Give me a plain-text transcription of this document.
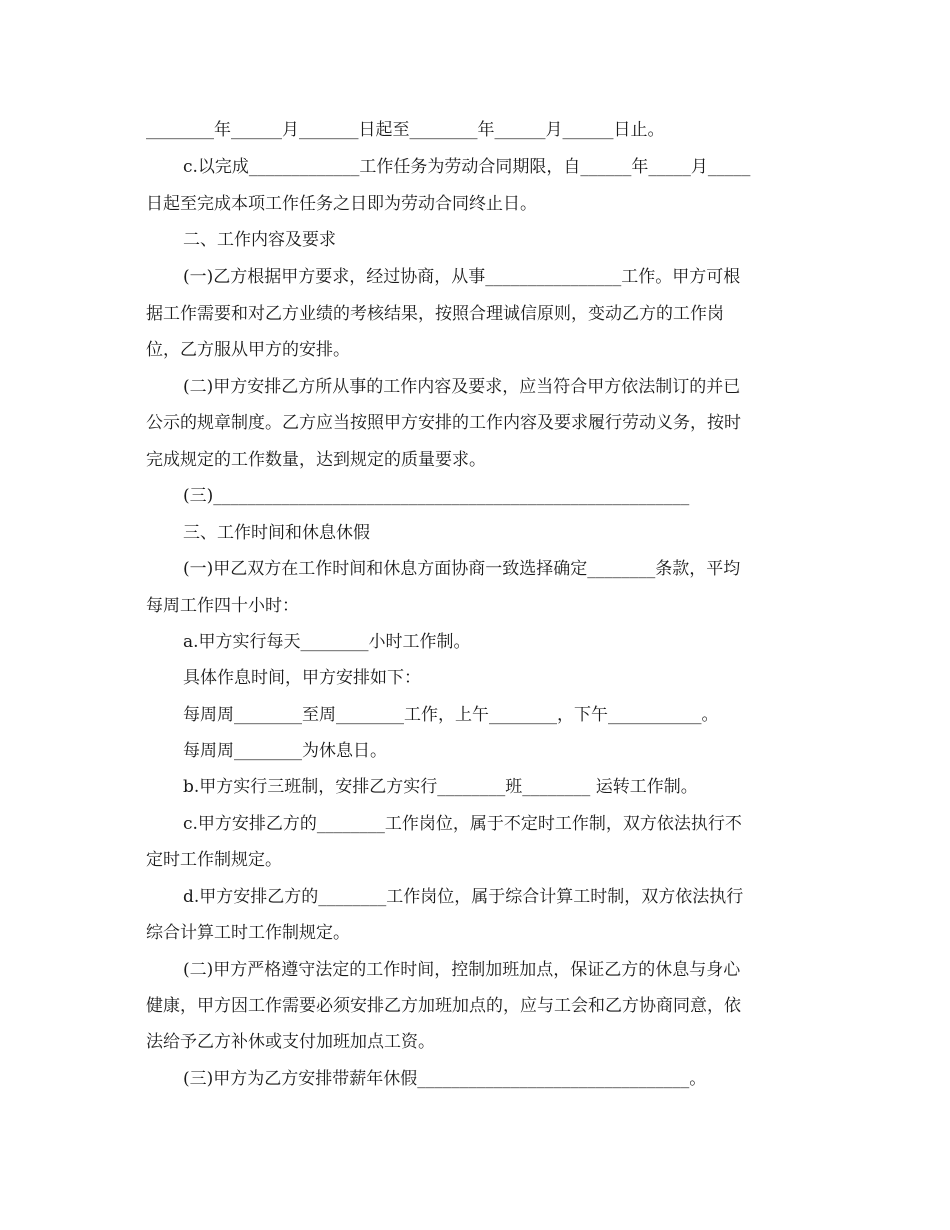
________年______月_______日起至________年______月______日止。
c.以完成_____________工作任务为劳动合同期限，自______年_____月_____
日起至完成本项工作任务之日即为劳动合同终止日。
二、工作内容及要求
(一)乙方根据甲方要求，经过协商，从事________________工作。甲方可根
据工作需要和对乙方业绩的考核结果，按照合理诚信原则，变动乙方的工作岗
位，乙方服从甲方的安排。
(二)甲方安排乙方所从事的工作内容及要求，应当符合甲方依法制订的并已
公示的规章制度。乙方应当按照甲方安排的工作内容及要求履行劳动义务，按时
完成规定的工作数量，达到规定的质量要求。
(三)________________________________________________________
三、工作时间和休息休假
(一)甲乙双方在工作时间和休息方面协商一致选择确定________条款，平均
每周工作四十小时：
a.甲方实行每天________小时工作制。
具体作息时间，甲方安排如下：
每周周________至周________工作，上午________，下午___________。
每周周________为休息日。
b.甲方实行三班制，安排乙方实行________班________ 运转工作制。
c.甲方安排乙方的________工作岗位，属于不定时工作制，双方依法执行不
定时工作制规定。
d.甲方安排乙方的________工作岗位，属于综合计算工时制，双方依法执行
综合计算工时工作制规定。
(二)甲方严格遵守法定的工作时间，控制加班加点，保证乙方的休息与身心
健康，甲方因工作需要必须安排乙方加班加点的，应与工会和乙方协商同意，依
法给予乙方补休或支付加班加点工资。
(三)甲方为乙方安排带薪年休假________________________________。
